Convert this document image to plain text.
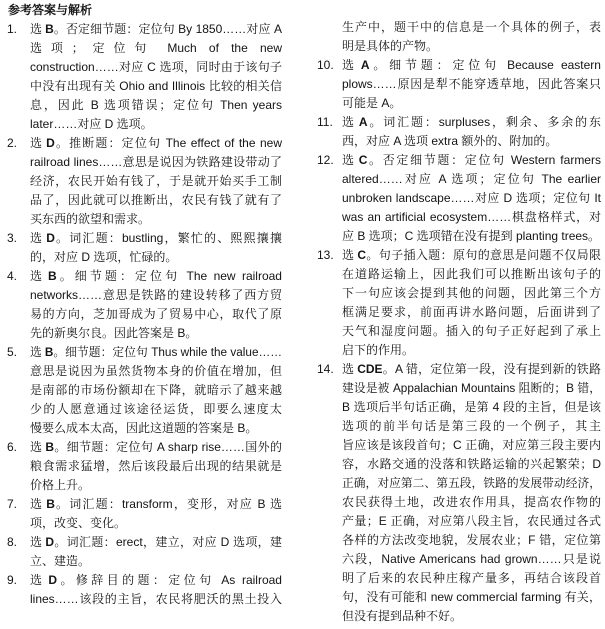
参考答案与解析
1.	选 B。否定细节题：定位句 By 1850……对应 A
选项；定位句 Much of the new
construction……对应 C 选项，同时由于该句子
中没有出现有关 Ohio and Illinois 比较的相关信
息，因此 B 选项错误；定位句 Then years
later……对应 D 选项。
2.	选 D。推断题：定位句 The effect of the new
railroad lines……意思是说因为铁路建设带动了
经济，农民开始有钱了，于是就开始买手工制
品了，因此就可以推断出，农民有钱了就有了
买东西的欲望和需求。
3.	选 D。词汇题：bustling，繁忙的、熙熙攘攘
的，对应 D 选项，忙碌的。
4.	选 B。细节题：定位句 The new railroad
networks……意思是铁路的建设转移了西方贸
易的方向，芝加哥成为了贸易中心，取代了原
先的新奥尔良。因此答案是 B。
5.	选 B。细节题：定位句 Thus while the value……
意思是说因为虽然货物本身的价值在增加，但
是南部的市场份额却在下降，就暗示了越来越
少的人愿意通过该途径运货，即要么速度太
慢要么成本太高，因此这道题的答案是 B。
6.	选 B。细节题：定位句 A sharp rise……国外的
粮食需求猛增，然后该段最后出现的结果就是
价格上升。
7.	选 B。词汇题：transform，变形，对应 B 选
项，改变、变化。
8.	选 D。词汇题：erect，建立，对应 D 选项，建
立、建造。
9.	选 D。修辞目的题：定位句 As railroad
lines……该段的主旨，农民将肥沃的黑土投入
生产中，题干中的信息是一个具体的例子，表
明是具体的产物。
10. 选 A。细节题：定位句 Because eastern
plows……原因是犁不能穿透草地，因此答案只
可能是 A。
11. 选 A。词汇题：surpluses，剩余、多余的东
西，对应 A 选项 extra 额外的、附加的。
12. 选 C。否定细节题：定位句 Western farmers
altered……对应 A 选项；定位句 The earlier
unbroken landscape……对应 D 选项；定位句 It
was an artificial ecosystem……棋盘格样式，对
应 B 选项；C 选项错在没有提到 planting trees。
13. 选 C。句子插入题：原句的意思是问题不仅局限
在道路运输上，因此我们可以推断出该句子的
下一句应该会提到其他的问题，因此第三个方
框满足要求，前面再讲水路问题，后面讲到了
天气和湿度问题。插入的句子正好起到了承上
启下的作用。
14. 选 CDE。A 错，定位第一段，没有提到新的铁路
建设是被 Appalachian Mountains 阻断的；B 错，
B 选项后半句话正确，是第 4 段的主旨，但是该
选项的前半句话是第三段的一个例子，其主
旨应该是该段首句；C 正确，对应第三段主要内
容，水路交通的没落和铁路运输的兴起繁荣；D
正确，对应第二、第五段，铁路的发展带动经济，
农民获得土地，改进农作用具，提高农作物的
产量；E 正确，对应第八段主旨，农民通过各式
各样的方法改变地貌，发展农业；F 错，定位第
六段，Native Americans had grown……只是说
明了后来的农民种庄稼产量多，再结合该段首
句，没有可能和 new commercial farming 有关，
但没有提到品种不好。
